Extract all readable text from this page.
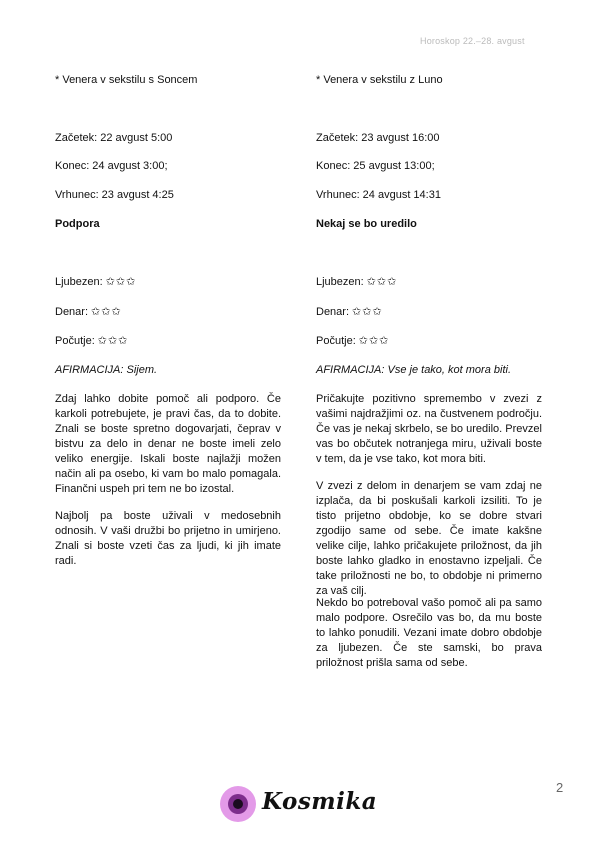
Horoskop 22.–28. avgust
* Venera v sekstilu s Soncem
Začetek: 22 avgust 5:00
Konec: 24 avgust 3:00;
Vrhunec: 23 avgust 4:25
Podpora
Ljubezen: ✩✩✩
Denar: ✩✩✩
Počutje: ✩✩✩
AFIRMACIJA: Sijem.
Zdaj lahko dobite pomoč ali podporo. Če karkoli potrebujete, je pravi čas, da to dobite. Znali se boste spretno dogovarjati, čeprav v bistvu za delo in denar ne boste imeli zelo veliko energije. Iskali boste najlažji možen način ali pa osebo, ki vam bo malo pomagala. Finančni uspeh pri tem ne bo izostal.
Najbolj pa boste uživali v medosebnih odnosih. V vaši družbi bo prijetno in umirjeno. Znali si boste vzeti čas za ljudi, ki jih imate radi.
* Venera v sekstilu z Luno
Začetek: 23 avgust 16:00
Konec: 25 avgust 13:00;
Vrhunec: 24 avgust 14:31
Nekaj se bo uredilo
Ljubezen: ✩✩✩
Denar: ✩✩✩
Počutje: ✩✩✩
AFIRMACIJA: Vse je tako, kot mora biti.
Pričakujte pozitivno spremembo v zvezi z vašimi najdražjimi oz. na čustvenem področju. Če vas je nekaj skrbelo, se bo uredilo. Prevzel vas bo občutek notranjega miru, uživali boste v tem, da je vse tako, kot mora biti.
V zvezi z delom in denarjem se vam zdaj ne izplača, da bi poskušali karkoli izsiliti. To je tisto prijetno obdobje, ko se dobre stvari zgodijo same od sebe. Če imate kakšne velike cilje, lahko pričakujete priložnost, da jih boste lahko gladko in enostavno izpeljali. Če take priložnosti ne bo, to obdobje ni primerno za vaš cilj.
Nekdo bo potreboval vašo pomoč ali pa samo malo podpore. Osrečilo vas bo, da mu boste to lahko ponudili. Vezani imate dobro obdobje za ljubezen. Če ste samski, bo prava priložnost prišla sama od sebe.
2
Kosmika
